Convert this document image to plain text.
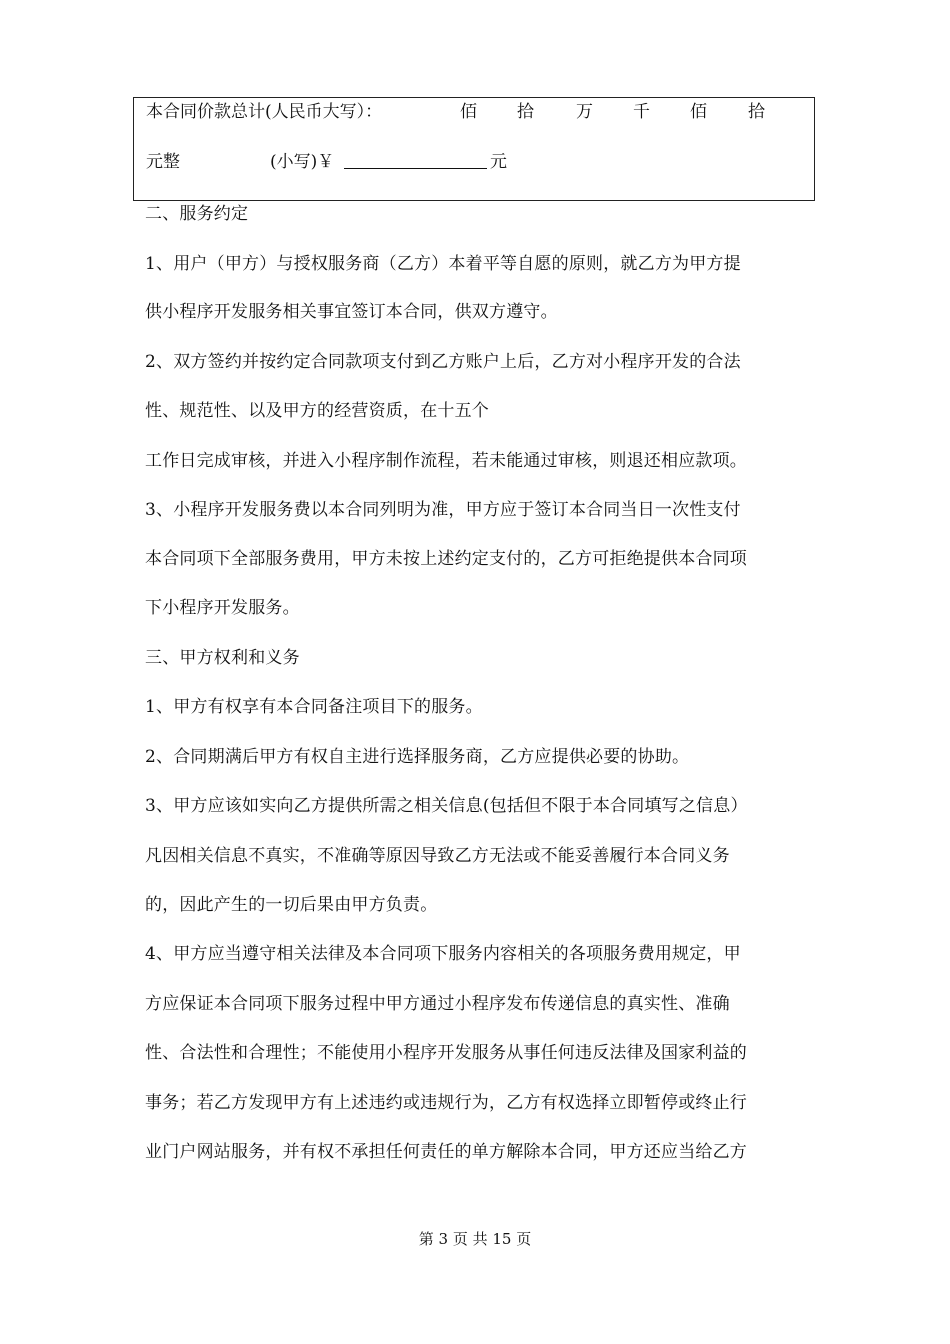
本合同价款总计(人民币大写）：	佰 拾 万 千 佰 拾
元整	(小写)￥	元
二、服务约定
1、用户（甲方）与授权服务商（乙方）本着平等自愿的原则，就乙方为甲方提
供小程序开发服务相关事宜签订本合同，供双方遵守。
2、双方签约并按约定合同款项支付到乙方账户上后，乙方对小程序开发的合法
性、规范性、以及甲方的经营资质，在十五个
工作日完成审核，并进入小程序制作流程，若未能通过审核，则退还相应款项。
3、小程序开发服务费以本合同列明为准，甲方应于签订本合同当日一次性支付
本合同项下全部服务费用，甲方未按上述约定支付的，乙方可拒绝提供本合同项
下小程序开发服务。
三、甲方权利和义务
1、甲方有权享有本合同备注项目下的服务。
2、合同期满后甲方有权自主进行选择服务商，乙方应提供必要的协助。
3、甲方应该如实向乙方提供所需之相关信息(包括但不限于本合同填写之信息）
凡因相关信息不真实，不准确等原因导致乙方无法或不能妥善履行本合同义务
的，因此产生的一切后果由甲方负责。
4、甲方应当遵守相关法律及本合同项下服务内容相关的各项服务费用规定，甲
方应保证本合同项下服务过程中甲方通过小程序发布传递信息的真实性、准确
性、合法性和合理性；不能使用小程序开发服务从事任何违反法律及国家利益的
事务；若乙方发现甲方有上述违约或违规行为，乙方有权选择立即暂停或终止行
业门户网站服务，并有权不承担任何责任的单方解除本合同，甲方还应当给乙方
第 3 页 共 15 页
